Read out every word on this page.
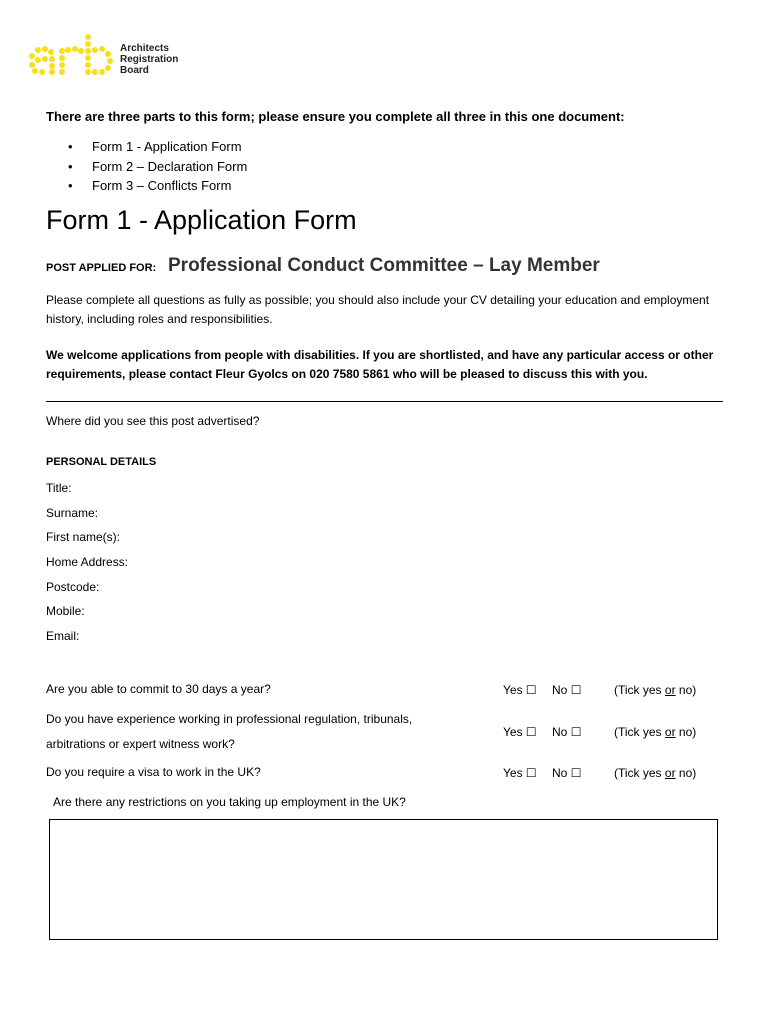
Architects
Registration
Board
There are three parts to this form; please ensure you complete all three in this one document:
• Form 1 - Application Form
• Form 2 – Declaration Form
• Form 3 – Conflicts Form
Form 1 - Application Form
POST APPLIED FOR: Professional Conduct Committee – Lay Member
Please complete all questions as fully as possible; you should also include your CV detailing your education and employment history, including roles and responsibilities.
We welcome applications from people with disabilities. If you are shortlisted, and have any particular access or other requirements, please contact Fleur Gyolcs on 020 7580 5861 who will be pleased to discuss this with you.
Where did you see this post advertised?
PERSONAL DETAILS
Title:
Surname:
First name(s):
Home Address:
Postcode:
Mobile:
Email:
Are you able to commit to 30 days a year?	Yes ☐ No ☐	(Tick yes or no)
Do you have experience working in professional regulation, tribunals, arbitrations or expert witness work?
Yes ☐ No ☐	(Tick yes or no)
Do you require a visa to work in the UK?	Yes ☐ No ☐	(Tick yes or no)
Are there any restrictions on you taking up employment in the UK?
